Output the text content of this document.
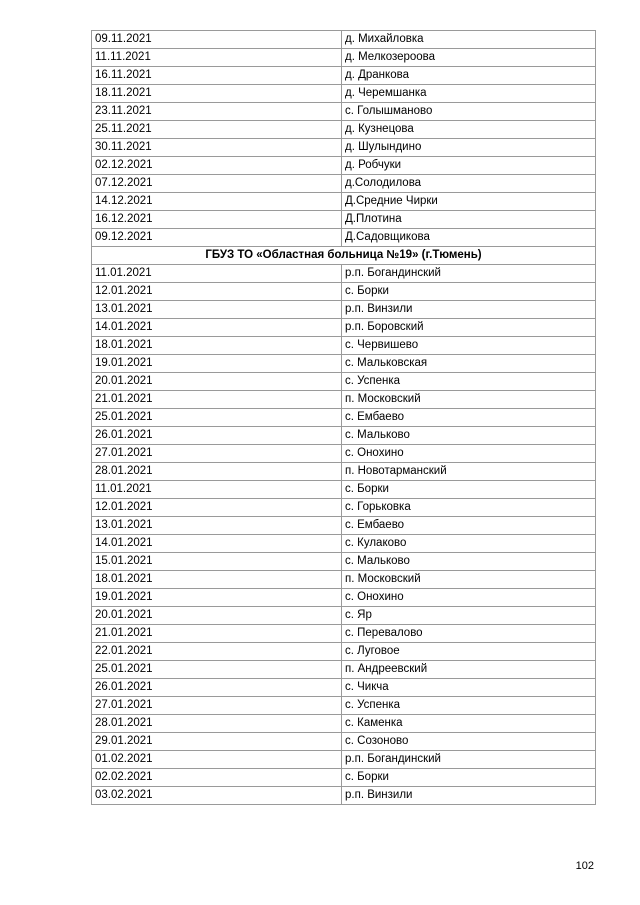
09.11.2021	д. Михайловка
11.11.2021	д. Мелкозероова
16.11.2021	д. Дранкова
18.11.2021	д. Черемшанка
23.11.2021	с. Голышманово
25.11.2021	д. Кузнецова
30.11.2021	д. Шулындино
02.12.2021	д. Робчуки
07.12.2021	д.Солодилова
14.12.2021	Д.Средние Чирки
16.12.2021	Д.Плотина
09.12.2021	Д.Садовщикова
ГБУЗ ТО «Областная больница №19» (г.Тюмень)	
11.01.2021	р.п. Богандинский
12.01.2021	с. Борки
13.01.2021	р.п. Винзили
14.01.2021	р.п. Боровский
18.01.2021	с. Червишево
19.01.2021	с. Мальковская
20.01.2021	с. Успенка
21.01.2021	п. Московский
25.01.2021	с. Ембаево
26.01.2021	с. Мальково
27.01.2021	с. Онохино
28.01.2021	п. Новотарманский
11.01.2021	с. Борки
12.01.2021	с. Горьковка
13.01.2021	с. Ембаево
14.01.2021	с. Кулаково
15.01.2021	с. Мальково
18.01.2021	п. Московский
19.01.2021	с. Онохино
20.01.2021	с. Яр
21.01.2021	с. Перевалово
22.01.2021	с. Луговое
25.01.2021	п. Андреевский
26.01.2021	с. Чикча
27.01.2021	с. Успенка
28.01.2021	с. Каменка
29.01.2021	с. Созоново
01.02.2021	р.п. Богандинский
02.02.2021	с. Борки
03.02.2021	р.п. Винзили
102
